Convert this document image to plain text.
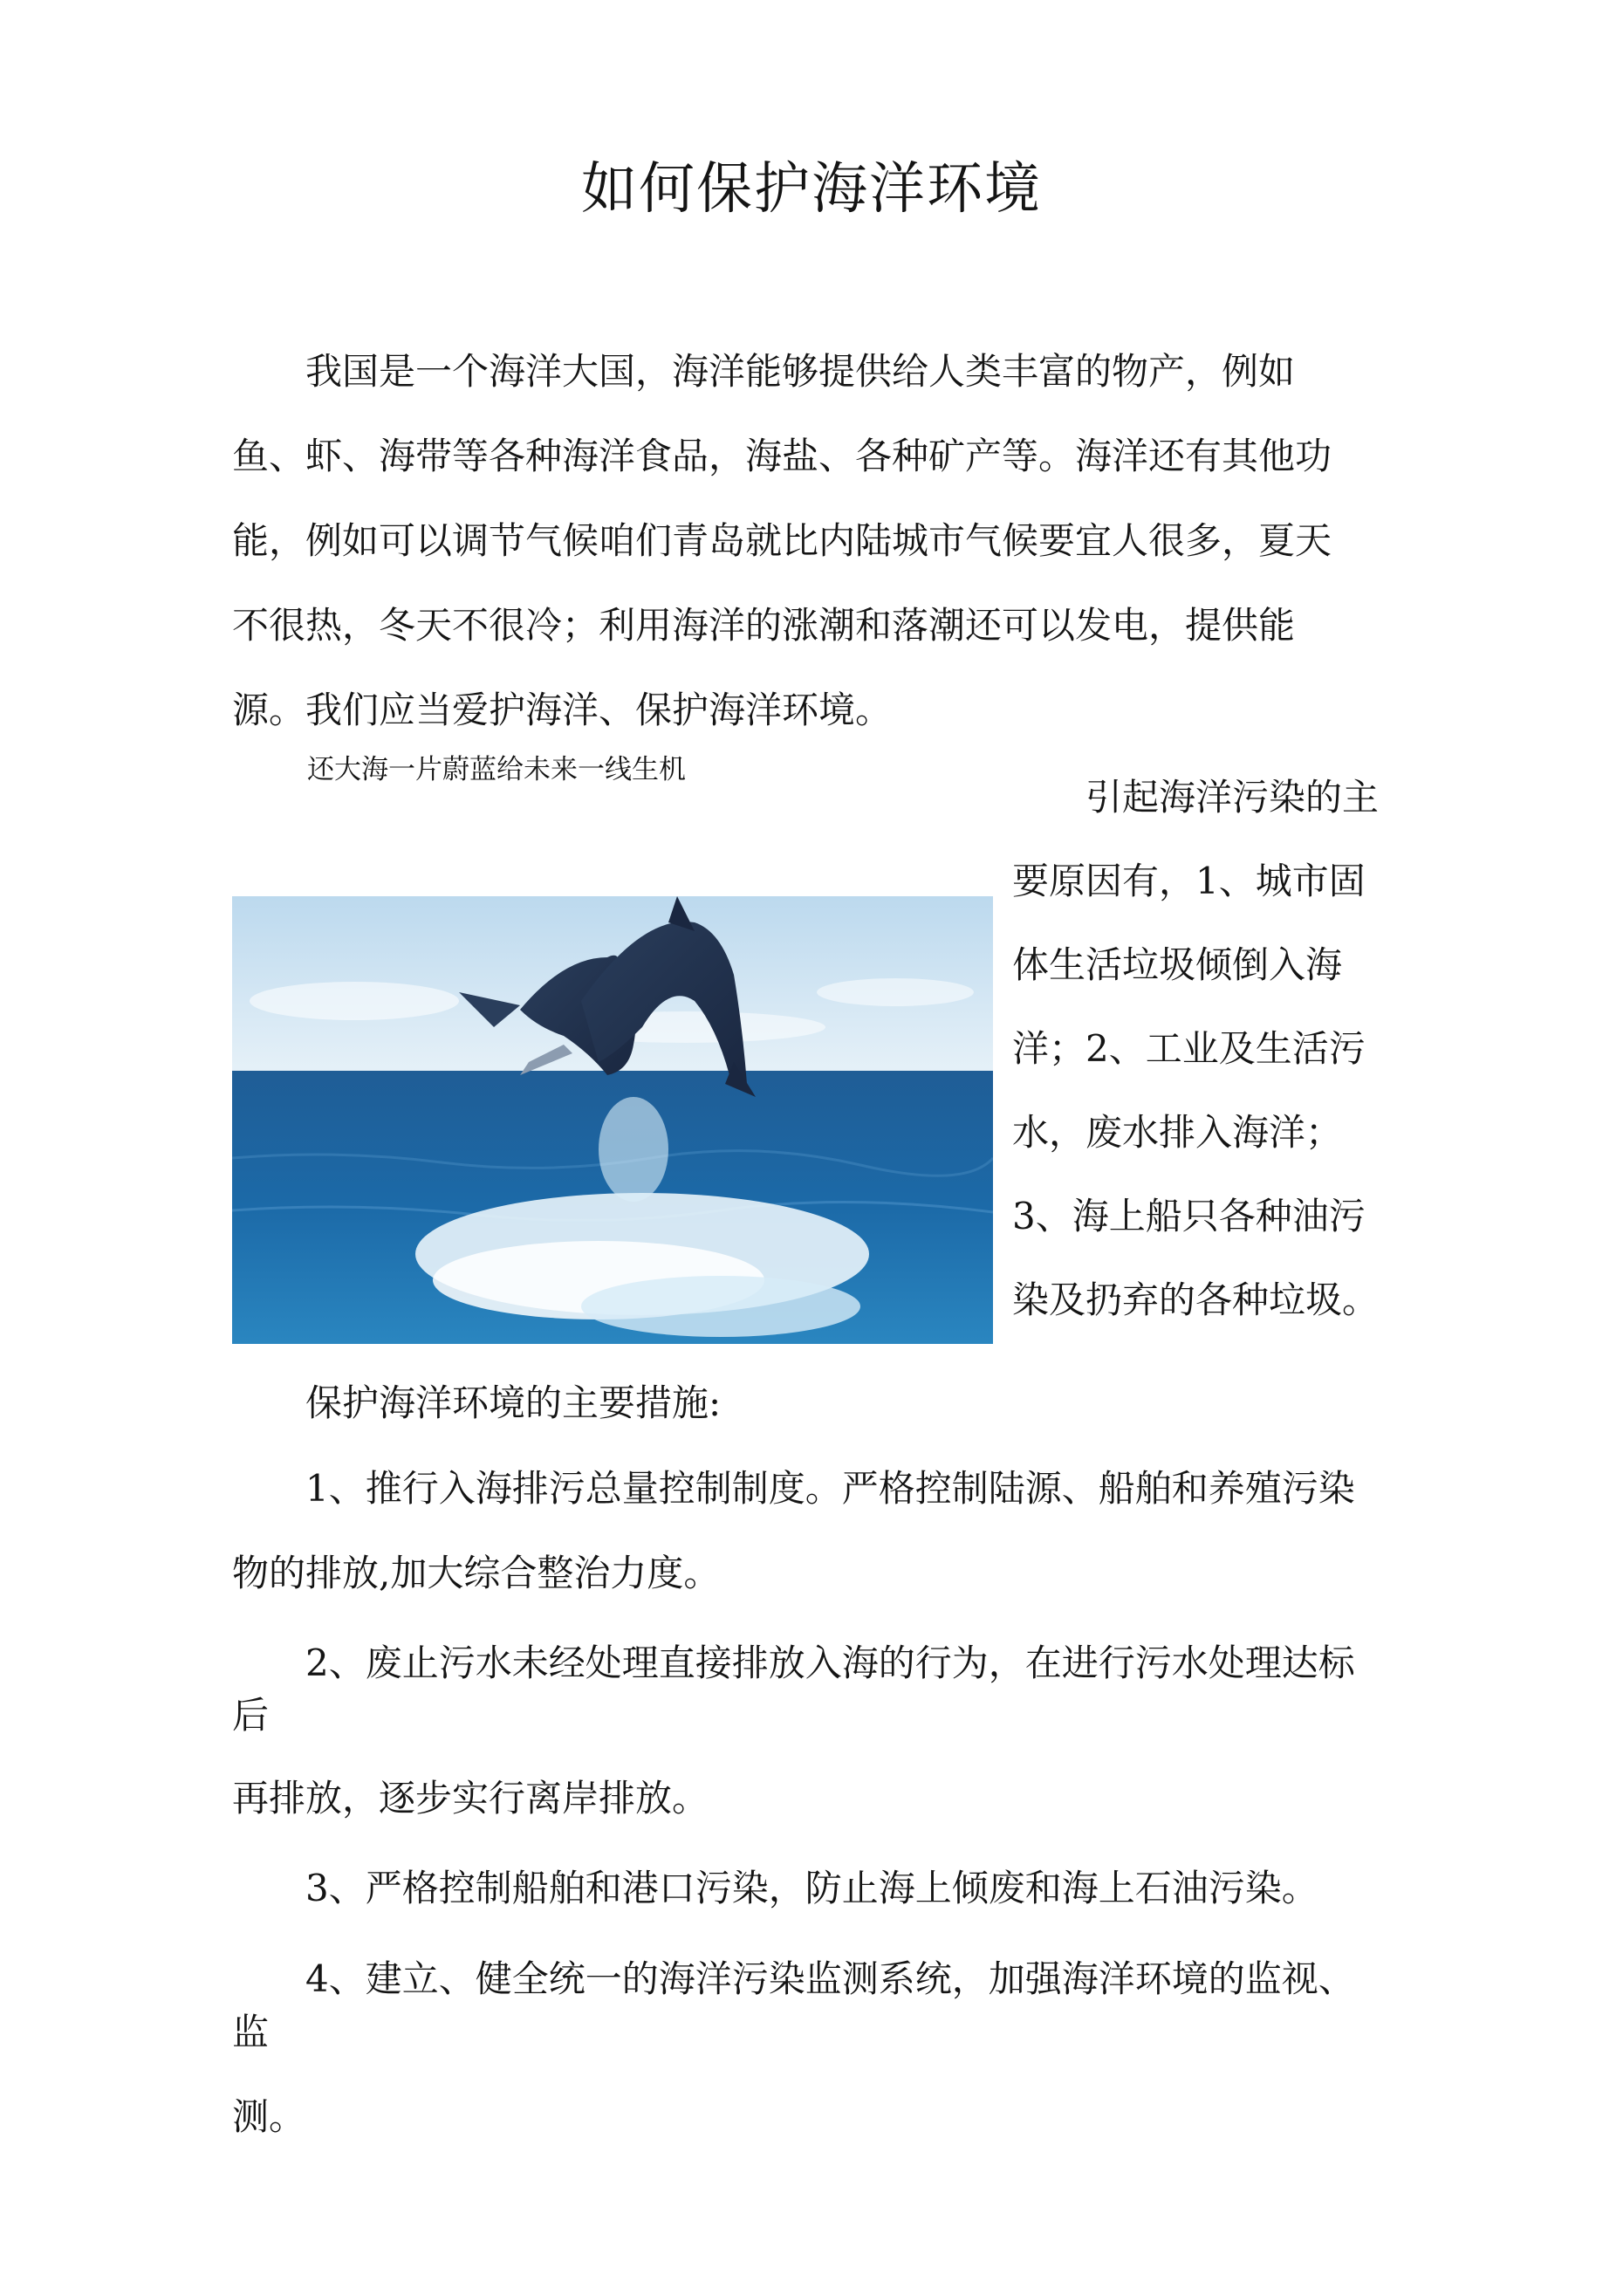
如何保护海洋环境

我国是一个海洋大国，海洋能够提供给人类丰富的物产，例如

鱼、虾、海带等各种海洋食品，海盐、各种矿产等。海洋还有其他功

能，例如可以调节气候咱们青岛就比内陆城市气候要宜人很多，夏天

不很热，冬天不很冷；利用海洋的涨潮和落潮还可以发电，提供能

源。我们应当爱护海洋、保护海洋环境。

还大海一片蔚蓝给未来一线生机

引起海洋污染的主

要原因有，1、城市固

体生活垃圾倾倒入海

洋；2、工业及生活污

水，废水排入海洋；

3、海上船只各种油污

染及扔弃的各种垃圾。

保护海洋环境的主要措施:

1、推行入海排污总量控制制度。严格控制陆源、船舶和养殖污染

物的排放,加大综合整治力度。

2、废止污水未经处理直接排放入海的行为，在进行污水处理达标

后

再排放，逐步实行离岸排放。

3、严格控制船舶和港口污染，防止海上倾废和海上石油污染。

4、建立、健全统一的海洋污染监测系统，加强海洋环境的监视、

监

测。
